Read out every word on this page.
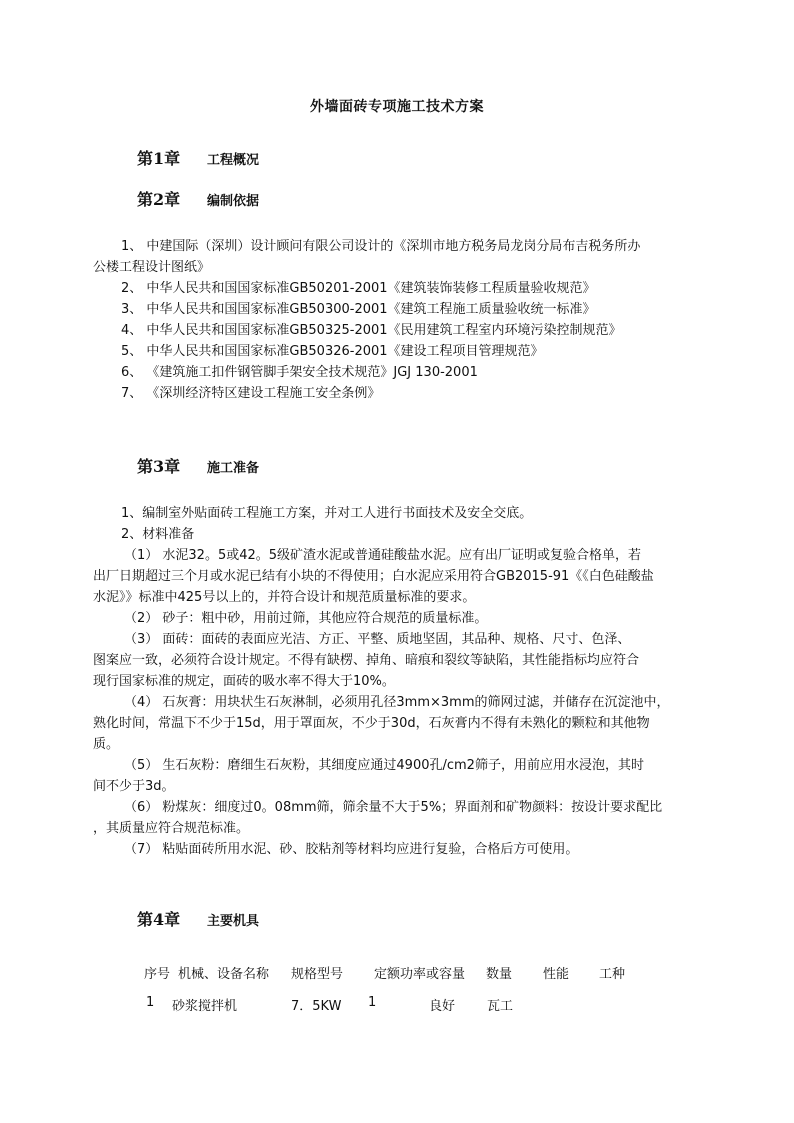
外墙面砖专项施工技术方案
第1章 工程概况
第2章 编制依据
1、 中建国际（深圳）设计顾问有限公司设计的《深圳市地方税务局龙岗分局布吉税务所办
公楼工程设计图纸》
2、 中华人民共和国国家标准GB50201-2001《建筑装饰装修工程质量验收规范》
3、 中华人民共和国国家标准GB50300-2001《建筑工程施工质量验收统一标准》
4、 中华人民共和国国家标准GB50325-2001《民用建筑工程室内环境污染控制规范》
5、 中华人民共和国国家标准GB50326-2001《建设工程项目管理规范》
6、 《建筑施工扣件钢管脚手架安全技术规范》JGJ 130-2001
7、 《深圳经济特区建设工程施工安全条例》
第3章 施工准备
1、编制室外贴面砖工程施工方案，并对工人进行书面技术及安全交底。
2、材料准备
（1） 水泥32。5或42。5级矿渣水泥或普通硅酸盐水泥。应有出厂证明或复验合格单，若
出厂日期超过三个月或水泥已结有小块的不得使用；白水泥应采用符合GB2015-91《《白色硅酸盐
水泥》》标准中425号以上的，并符合设计和规范质量标准的要求。
（2） 砂子：粗中砂，用前过筛，其他应符合规范的质量标准。
（3） 面砖：面砖的表面应光洁、方正、平整、质地坚固，其品种、规格、尺寸、色泽、
图案应一致，必须符合设计规定。不得有缺楞、掉角、暗痕和裂纹等缺陷，其性能指标均应符合
现行国家标准的规定，面砖的吸水率不得大于10%。
（4） 石灰膏：用块状生石灰淋制，必须用孔径3mm×3mm的筛网过滤，并储存在沉淀池中，
熟化时间，常温下不少于15d，用于罩面灰，不少于30d，石灰膏内不得有未熟化的颗粒和其他物
质。
（5） 生石灰粉：磨细生石灰粉，其细度应通过4900孔/cm2筛子，用前应用水浸泡，其时
间不少于3d。
（6） 粉煤灰：细度过0。08mm筛，筛余量不大于5%；界面剂和矿物颜料：按设计要求配比
，其质量应符合规范标准。
（7） 粘贴面砖所用水泥、砂、胶粘剂等材料均应进行复验，合格后方可使用。
第4章 主要机具
序号 机械、设备名称 规格型号 定额功率或容量 数量 性能 工种
1 砂浆搅拌机	7．5KW 1	良好 瓦工
